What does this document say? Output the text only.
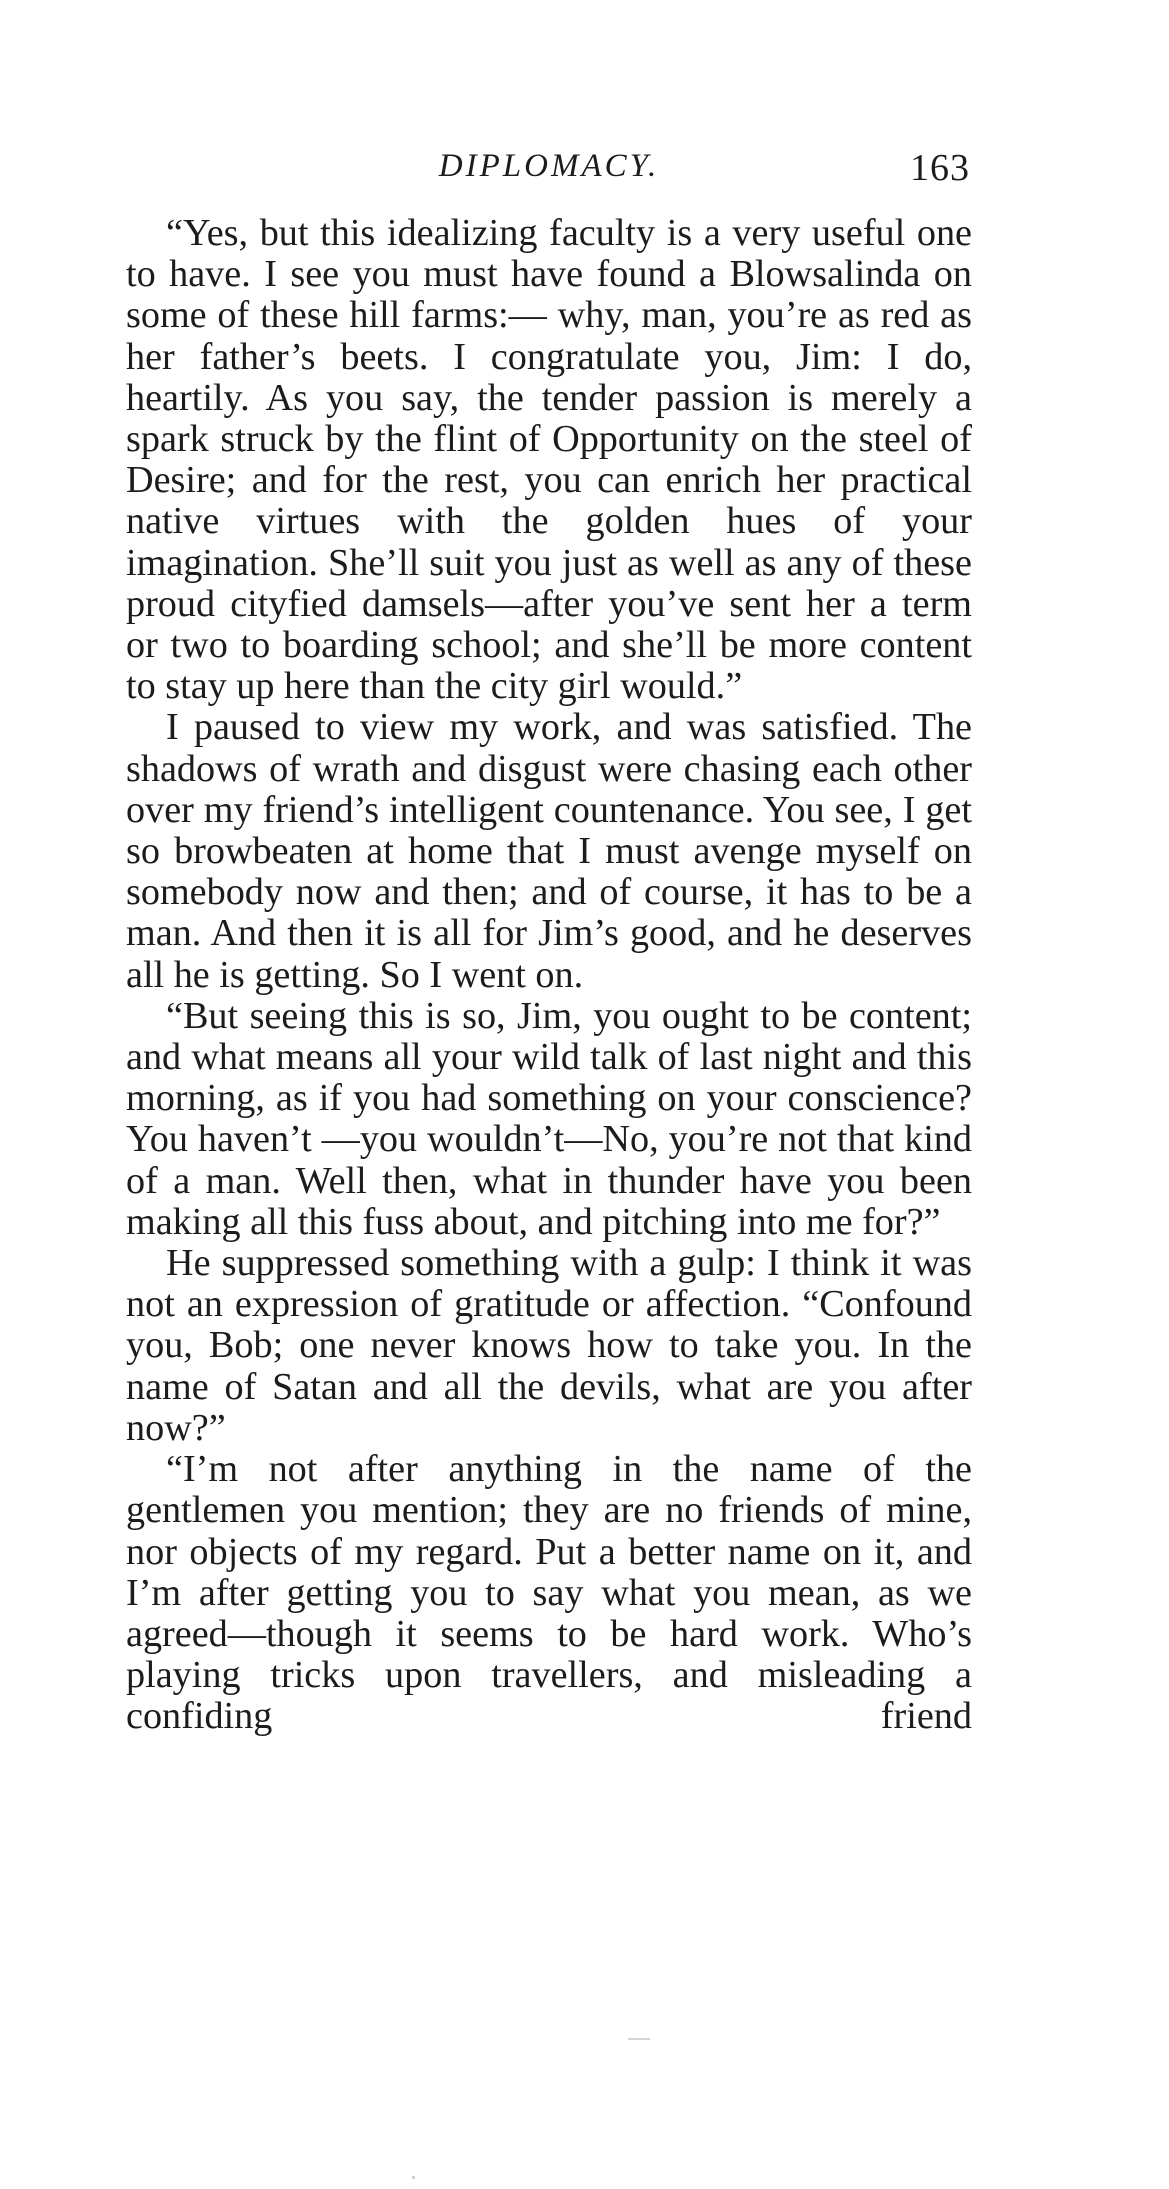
DIPLOMACY.	163

“Yes, but this idealizing faculty is a very useful one to have. I see you must have found a Blowsalinda on some of these hill farms:— why, man, you’re as red as her father’s beets. I congratulate you, Jim: I do, heartily. As you say, the tender passion is merely a spark struck by the flint of Opportunity on the steel of Desire; and for the rest, you can enrich her practical native virtues with the golden hues of your imagination. She’ll suit you just as well as any of these proud cityfied damsels—after you’ve sent her a term or two to boarding school; and she’ll be more content to stay up here than the city girl would.”

I paused to view my work, and was satisfied. The shadows of wrath and disgust were chasing each other over my friend’s intelligent countenance. You see, I get so browbeaten at home that I must avenge myself on somebody now and then; and of course, it has to be a man. And then it is all for Jim’s good, and he deserves all he is getting. So I went on.

“But seeing this is so, Jim, you ought to be content; and what means all your wild talk of last night and this morning, as if you had something on your conscience? You haven’t —you wouldn’t—No, you’re not that kind of a man. Well then, what in thunder have you been making all this fuss about, and pitching into me for?”

He suppressed something with a gulp: I think it was not an expression of gratitude or affection. “Confound you, Bob; one never knows how to take you. In the name of Satan and all the devils, what are you after now?”

“I’m not after anything in the name of the gentlemen you mention; they are no friends of mine, nor objects of my regard. Put a better name on it, and I’m after getting you to say what you mean, as we agreed—though it seems to be hard work. Who’s playing tricks upon travellers, and misleading a confiding friend
